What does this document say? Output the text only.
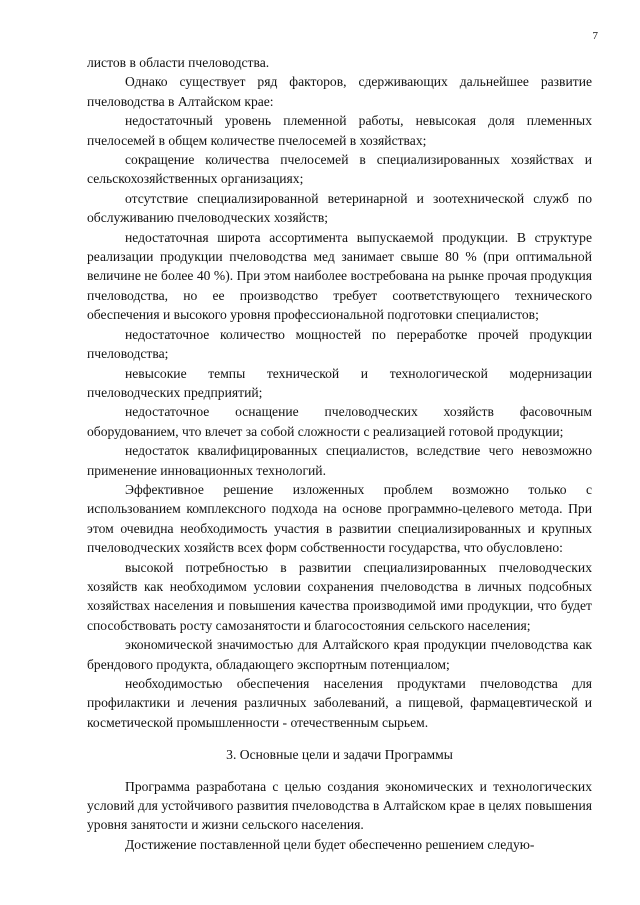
7

листов в области пчеловодства.

Однако существует ряд факторов, сдерживающих дальнейшее развитие пчеловодства в Алтайском крае:

недостаточный уровень племенной работы, невысокая доля племенных пчелосемей в общем количестве пчелосемей в хозяйствах;

сокращение количества пчелосемей в специализированных хозяйствах и сельскохозяйственных организациях;

отсутствие специализированной ветеринарной и зоотехнической служб по обслуживанию пчеловодческих хозяйств;

недостаточная широта ассортимента выпускаемой продукции. В структуре реализации продукции пчеловодства мед занимает свыше 80 % (при оптимальной величине не более 40 %). При этом наиболее востребована на рынке прочая продукция пчеловодства, но ее производство требует соответствующего технического обеспечения и высокого уровня профессиональной подготовки специалистов;

недостаточное количество мощностей по переработке прочей продукции пчеловодства;

невысокие темпы технической и технологической модернизации пчеловодческих предприятий;

недостаточное оснащение пчеловодческих хозяйств фасовочным оборудованием, что влечет за собой сложности с реализацией готовой продукции;

недостаток квалифицированных специалистов, вследствие чего невозможно применение инновационных технологий.

Эффективное решение изложенных проблем возможно только с использованием комплексного подхода на основе программно-целевого метода. При этом очевидна необходимость участия в развитии специализированных и крупных пчеловодческих хозяйств всех форм собственности государства, что обусловлено:

высокой потребностью в развитии специализированных пчеловодческих хозяйств как необходимом условии сохранения пчеловодства в личных подсобных хозяйствах населения и повышения качества производимой ими продукции, что будет способствовать росту самозанятости и благосостояния сельского населения;

экономической значимостью для Алтайского края продукции пчеловодства как брендового продукта, обладающего экспортным потенциалом;

необходимостью обеспечения населения продуктами пчеловодства для профилактики и лечения различных заболеваний, а пищевой, фармацевтической и косметической промышленности - отечественным сырьем.

3. Основные цели и задачи Программы

Программа разработана с целью создания экономических и технологических условий для устойчивого развития пчеловодства в Алтайском крае в целях повышения уровня занятости и жизни сельского населения.

Достижение поставленной цели будет обеспеченно решением следую-
